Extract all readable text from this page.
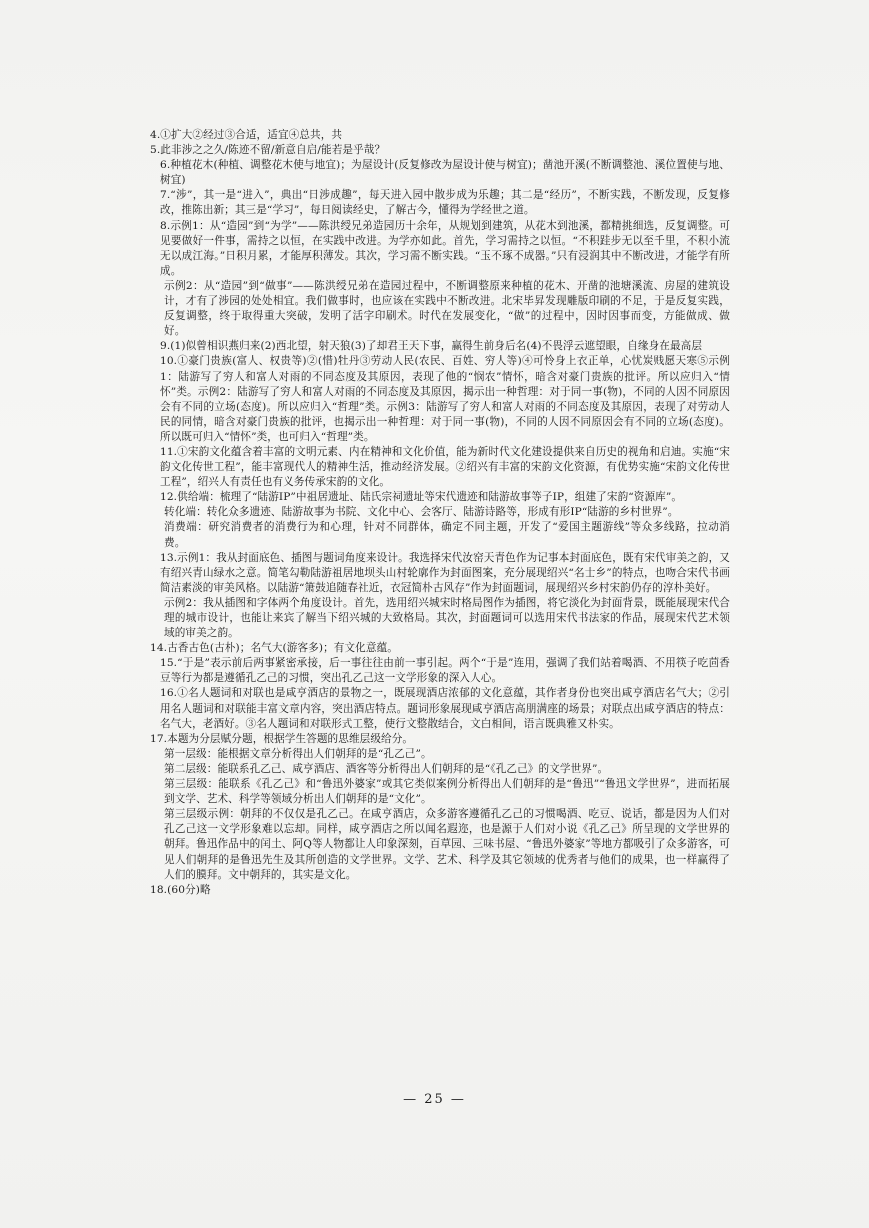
4.①扩大②经过③合适，适宜④总共，共

5.此非涉之之久/陈迹不留/新意自启/能若是乎哉？

6.种植花木(种植、调整花木使与地宜)；为屋设计(反复修改为屋设计使与树宜)；凿池开溪(不断调整池、溪位置使与地、树宜)

7.“涉”，其一是“进入”，典出“日涉成趣”，每天进入园中散步成为乐趣；其二是“经历”，不断实践，不断发现，反复修改，推陈出新；其三是“学习”，每日阅读经史，了解古今，懂得为学经世之道。

8.示例1：从“造园”到“为学”——陈洪绶兄弟造园历十余年，从规划到建筑，从花木到池溪，都精挑细选，反复调整。可见要做好一件事，需持之以恒，在实践中改进。为学亦如此。首先，学习需持之以恒。“不积跬步无以至千里，不积小流无以成江海。”日积月累，才能厚积薄发。其次，学习需不断实践。“玉不琢不成器。”只有浸润其中不断改进，才能学有所成。

示例2：从“造园”到“做事”——陈洪绶兄弟在造园过程中，不断调整原来种植的花木、开凿的池塘溪流、房屋的建筑设计，才有了涉园的处处相宜。我们做事时，也应该在实践中不断改进。北宋毕昇发现雕版印刷的不足，于是反复实践，反复调整，终于取得重大突破，发明了活字印刷术。时代在发展变化，“做”的过程中，因时因事而变，方能做成、做好。

9.(1)似曾相识燕归来(2)西北望，射天狼(3)了却君王天下事，赢得生前身后名(4)不畏浮云遮望眼，自缘身在最高层

10.①豪门贵族(富人、权贵等)②(惜)牡丹③劳动人民(农民、百姓、穷人等)④可怜身上衣正单，心忧炭贱愿天寒⑤示例1：陆游写了穷人和富人对雨的不同态度及其原因，表现了他的“悯农”情怀，暗含对豪门贵族的批评。所以应归入“情怀”类。示例2：陆游写了穷人和富人对雨的不同态度及其原因，揭示出一种哲理：对于同一事(物)，不同的人因不同原因会有不同的立场(态度)。所以应归入“哲理”类。示例3：陆游写了穷人和富人对雨的不同态度及其原因，表现了对劳动人民的同情，暗含对豪门贵族的批评，也揭示出一种哲理：对于同一事(物)，不同的人因不同原因会有不同的立场(态度)。所以既可归入“情怀”类，也可归入“哲理”类。

11.①宋韵文化蕴含着丰富的文明元素、内在精神和文化价值，能为新时代文化建设提供来自历史的视角和启迪。实施“宋韵文化传世工程”，能丰富现代人的精神生活，推动经济发展。②绍兴有丰富的宋韵文化资源，有优势实施“宋韵文化传世工程”，绍兴人有责任也有义务传承宋韵的文化。

12.供给端：梳理了“陆游IP”中祖居遗址、陆氏宗祠遗址等宋代遗迹和陆游故事等子IP，组建了宋韵“资源库”。

转化端：转化众多遗迹、陆游故事为书院、文化中心、会客厅、陆游诗路等，形成有形IP“陆游的乡村世界”。

消费端：研究消费者的消费行为和心理，针对不同群体，确定不同主题，开发了“爱国主题游线”等众多线路，拉动消费。

13.示例1：我从封面底色、插图与题词角度来设计。我选择宋代汝窑天青色作为记事本封面底色，既有宋代审美之韵，又有绍兴青山绿水之意。简笔勾勒陆游祖居地坝头山村轮廓作为封面图案，充分展现绍兴“名士乡”的特点，也吻合宋代书画简洁素淡的审美风格。以陆游“箫鼓追随春社近，衣冠简朴古风存”作为封面题词，展现绍兴乡村宋韵仍存的淳朴美好。

示例2：我从插图和字体两个角度设计。首先，选用绍兴城宋时格局图作为插图，将它淡化为封面背景，既能展现宋代合理的城市设计，也能让来宾了解当下绍兴城的大致格局。其次，封面题词可以选用宋代书法家的作品，展现宋代艺术领域的审美之韵。

14.古香古色(古朴)；名气大(游客多)；有文化意蕴。

15.“于是”表示前后两事紧密承接，后一事往往由前一事引起。两个“于是”连用，强调了我们站着喝酒、不用筷子吃茴香豆等行为都是遵循孔乙己的习惯，突出孔乙己这一文学形象的深入人心。

16.①名人题词和对联也是咸亨酒店的景物之一，既展现酒店浓郁的文化意蕴，其作者身份也突出咸亨酒店名气大；②引用名人题词和对联能丰富文章内容，突出酒店特点。题词形象展现咸亨酒店高朋满座的场景；对联点出咸亨酒店的特点：名气大，老酒好。③名人题词和对联形式工整，使行文整散结合，文白相间，语言既典雅又朴实。

17.本题为分层赋分题，根据学生答题的思维层级给分。

第一层级：能根据文章分析得出人们朝拜的是“孔乙己”。

第二层级：能联系孔乙己、咸亨酒店、酒客等分析得出人们朝拜的是“《孔乙己》的文学世界”。

第三层级：能联系《孔乙己》和“鲁迅外婆家”或其它类似案例分析得出人们朝拜的是“鲁迅”“鲁迅文学世界”，进而拓展到文学、艺术、科学等领域分析出人们朝拜的是“文化”。

第三层级示例：朝拜的不仅仅是孔乙己。在咸亨酒店，众多游客遵循孔乙己的习惯喝酒、吃豆、说话，都是因为人们对孔乙己这一文学形象难以忘却。同样，咸亨酒店之所以闻名遐迩，也是源于人们对小说《孔乙己》所呈现的文学世界的朝拜。鲁迅作品中的闰土、阿Q等人物都让人印象深刻，百草园、三味书屋、“鲁迅外婆家”等地方都吸引了众多游客，可见人们朝拜的是鲁迅先生及其所创造的文学世界。文学、艺术、科学及其它领域的优秀者与他们的成果，也一样赢得了人们的膜拜。文中朝拜的，其实是文化。

18.(60分)略

— 25 —
